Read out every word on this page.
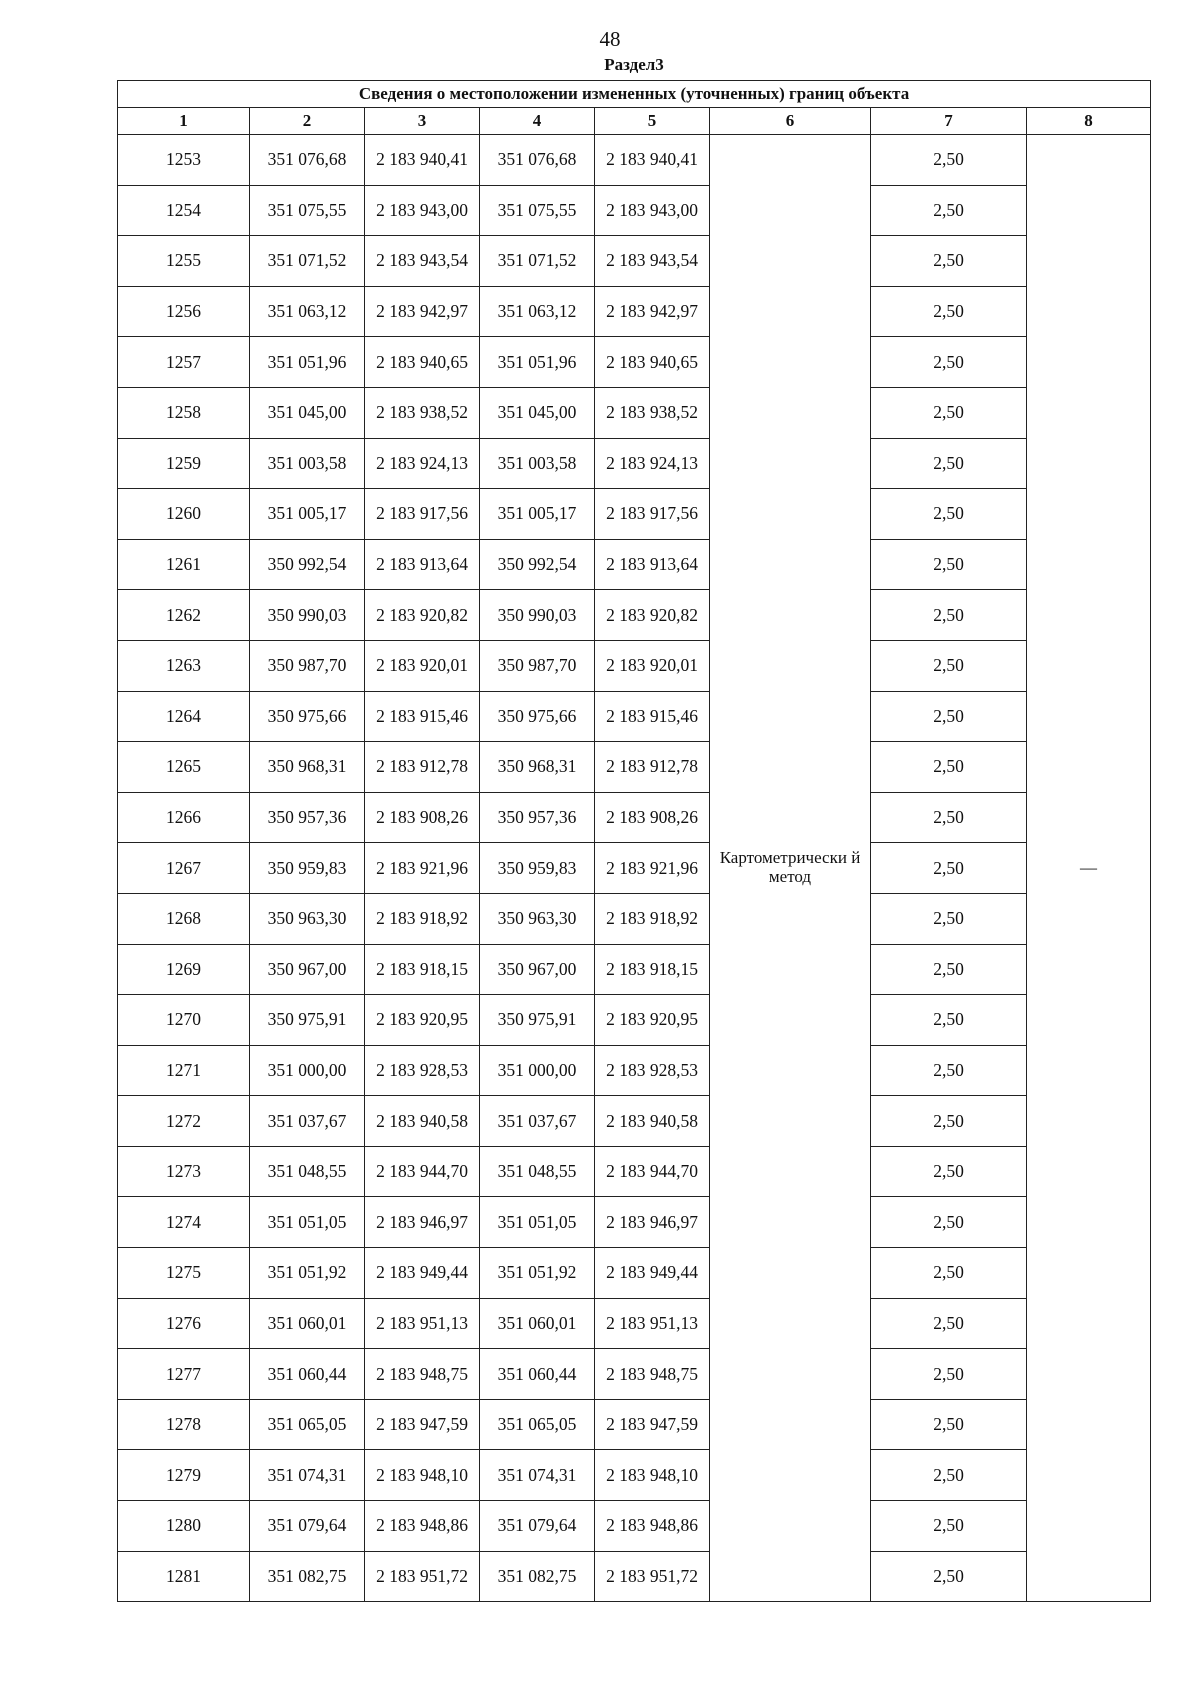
48
Раздел3
Сведения о местоположении измененных (уточненных) границ объекта							
1	2	3	4	5	6	7	8
1253	351 076,68	2 183 940,41	351 076,68	2 183 940,41	Картометрически й метод	2,50	—
1254	351 075,55	2 183 943,00	351 075,55	2 183 943,00		2,50	
1255	351 071,52	2 183 943,54	351 071,52	2 183 943,54		2,50	
1256	351 063,12	2 183 942,97	351 063,12	2 183 942,97		2,50	
1257	351 051,96	2 183 940,65	351 051,96	2 183 940,65		2,50	
1258	351 045,00	2 183 938,52	351 045,00	2 183 938,52		2,50	
1259	351 003,58	2 183 924,13	351 003,58	2 183 924,13		2,50	
1260	351 005,17	2 183 917,56	351 005,17	2 183 917,56		2,50	
1261	350 992,54	2 183 913,64	350 992,54	2 183 913,64		2,50	
1262	350 990,03	2 183 920,82	350 990,03	2 183 920,82		2,50	
1263	350 987,70	2 183 920,01	350 987,70	2 183 920,01		2,50	
1264	350 975,66	2 183 915,46	350 975,66	2 183 915,46		2,50	
1265	350 968,31	2 183 912,78	350 968,31	2 183 912,78		2,50	
1266	350 957,36	2 183 908,26	350 957,36	2 183 908,26		2,50	
1267	350 959,83	2 183 921,96	350 959,83	2 183 921,96		2,50	
1268	350 963,30	2 183 918,92	350 963,30	2 183 918,92		2,50	
1269	350 967,00	2 183 918,15	350 967,00	2 183 918,15		2,50	
1270	350 975,91	2 183 920,95	350 975,91	2 183 920,95		2,50	
1271	351 000,00	2 183 928,53	351 000,00	2 183 928,53		2,50	
1272	351 037,67	2 183 940,58	351 037,67	2 183 940,58		2,50	
1273	351 048,55	2 183 944,70	351 048,55	2 183 944,70		2,50	
1274	351 051,05	2 183 946,97	351 051,05	2 183 946,97		2,50	
1275	351 051,92	2 183 949,44	351 051,92	2 183 949,44		2,50	
1276	351 060,01	2 183 951,13	351 060,01	2 183 951,13		2,50	
1277	351 060,44	2 183 948,75	351 060,44	2 183 948,75		2,50	
1278	351 065,05	2 183 947,59	351 065,05	2 183 947,59		2,50	
1279	351 074,31	2 183 948,10	351 074,31	2 183 948,10		2,50	
1280	351 079,64	2 183 948,86	351 079,64	2 183 948,86		2,50	
1281	351 082,75	2 183 951,72	351 082,75	2 183 951,72		2,50	
